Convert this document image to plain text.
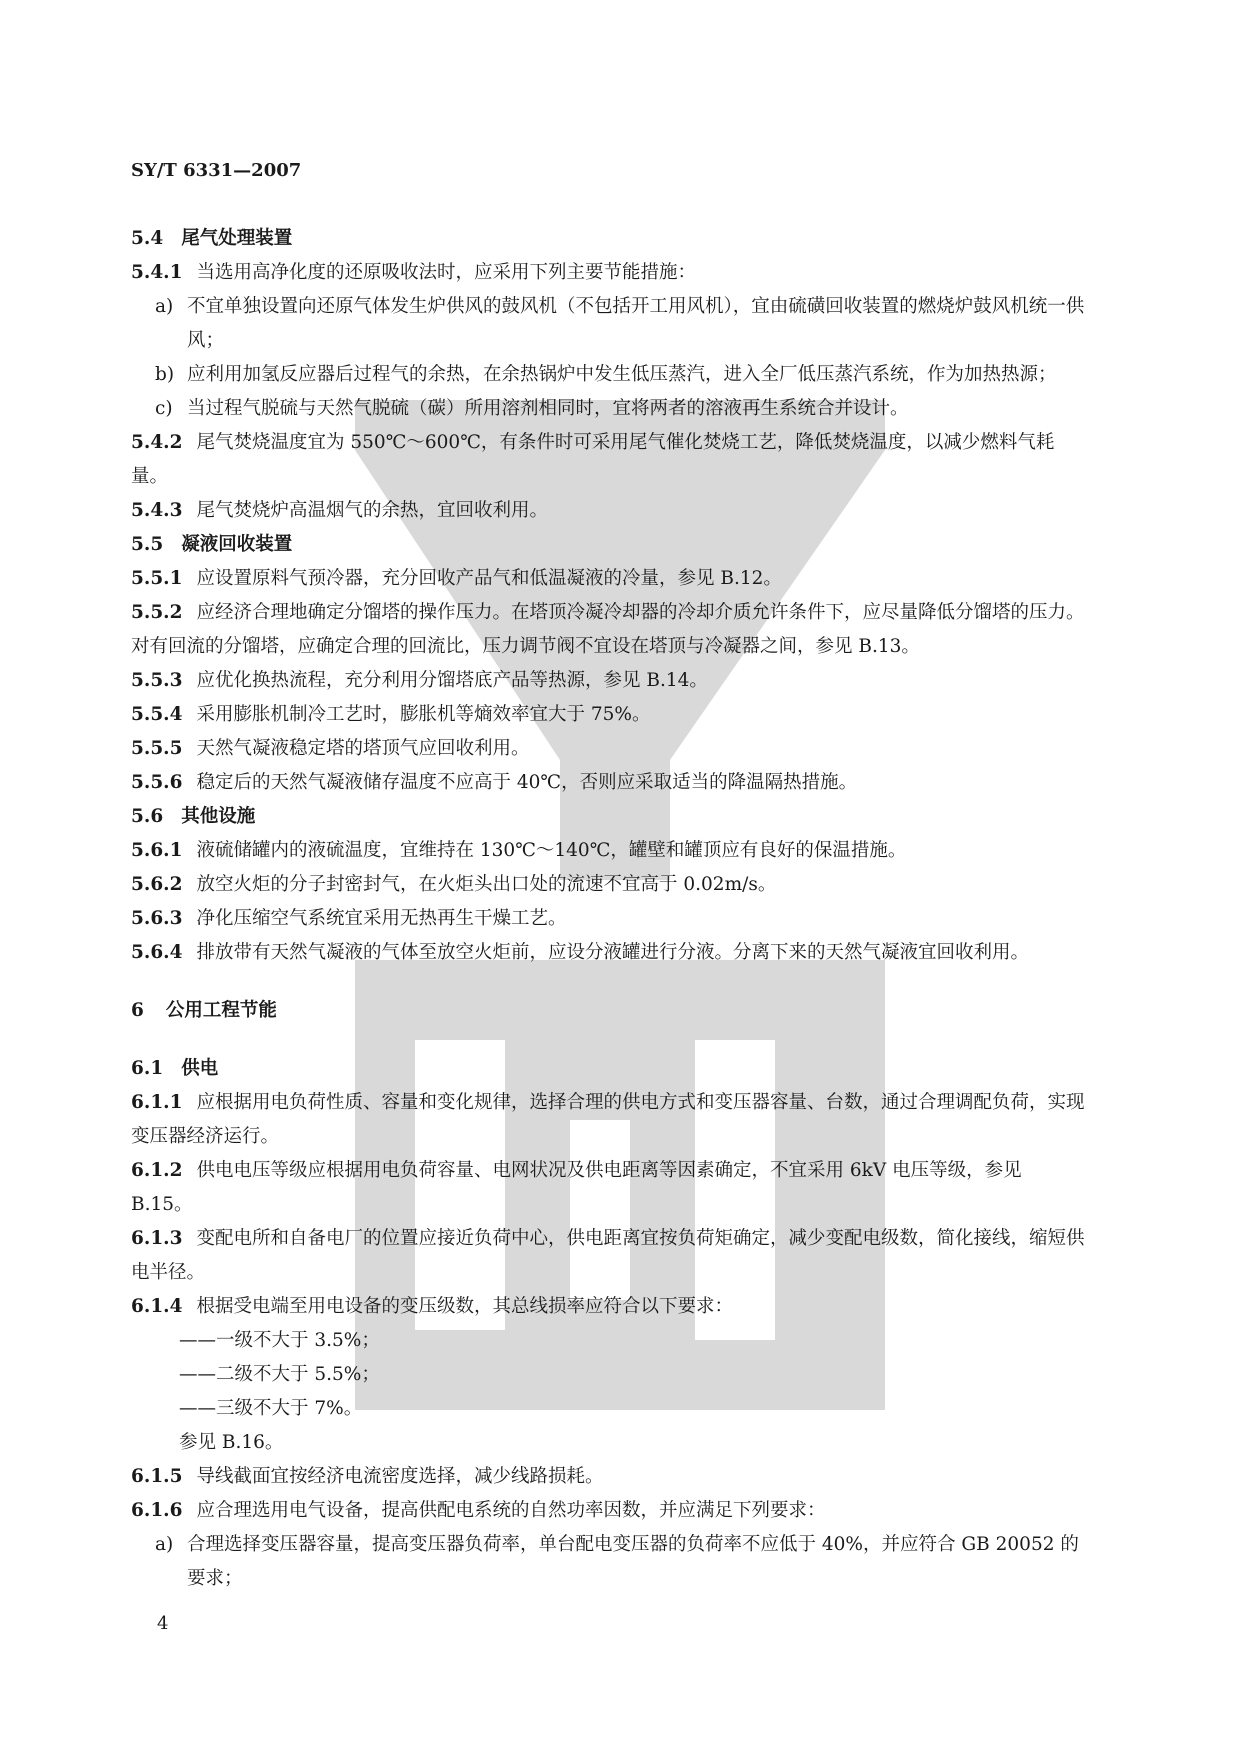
SY/T 6331—2007

5.4 尾气处理装置

5.4.1 当选用高净化度的还原吸收法时，应采用下列主要节能措施：

a) 不宜单独设置向还原气体发生炉供风的鼓风机（不包括开工用风机），宜由硫磺回收装置的燃烧炉鼓风机统一供风；

b) 应利用加氢反应器后过程气的余热，在余热锅炉中发生低压蒸汽，进入全厂低压蒸汽系统，作为加热热源；

c) 当过程气脱硫与天然气脱硫（碳）所用溶剂相同时，宜将两者的溶液再生系统合并设计。

5.4.2 尾气焚烧温度宜为 550℃～600℃，有条件时可采用尾气催化焚烧工艺，降低焚烧温度，以减少燃料气耗量。

5.4.3 尾气焚烧炉高温烟气的余热，宜回收利用。

5.5 凝液回收装置

5.5.1 应设置原料气预冷器，充分回收产品气和低温凝液的冷量，参见 B.12。

5.5.2 应经济合理地确定分馏塔的操作压力。在塔顶冷凝冷却器的冷却介质允许条件下，应尽量降低分馏塔的压力。对有回流的分馏塔，应确定合理的回流比，压力调节阀不宜设在塔顶与冷凝器之间，参见 B.13。

5.5.3 应优化换热流程，充分利用分馏塔底产品等热源，参见 B.14。

5.5.4 采用膨胀机制冷工艺时，膨胀机等熵效率宜大于 75%。

5.5.5 天然气凝液稳定塔的塔顶气应回收利用。

5.5.6 稳定后的天然气凝液储存温度不应高于 40℃，否则应采取适当的降温隔热措施。

5.6 其他设施

5.6.1 液硫储罐内的液硫温度，宜维持在 130℃～140℃，罐壁和罐顶应有良好的保温措施。

5.6.2 放空火炬的分子封密封气，在火炬头出口处的流速不宜高于 0.02m/s。

5.6.3 净化压缩空气系统宜采用无热再生干燥工艺。

5.6.4 排放带有天然气凝液的气体至放空火炬前，应设分液罐进行分液。分离下来的天然气凝液宜回收利用。

6 公用工程节能

6.1 供电

6.1.1 应根据用电负荷性质、容量和变化规律，选择合理的供电方式和变压器容量、台数，通过合理调配负荷，实现变压器经济运行。

6.1.2 供电电压等级应根据用电负荷容量、电网状况及供电距离等因素确定，不宜采用 6kV 电压等级，参见 B.15。

6.1.3 变配电所和自备电厂的位置应接近负荷中心，供电距离宜按负荷矩确定，减少变配电级数，简化接线，缩短供电半径。

6.1.4 根据受电端至用电设备的变压级数，其总线损率应符合以下要求：

——一级不大于 3.5%；

——二级不大于 5.5%；

——三级不大于 7%。

参见 B.16。

6.1.5 导线截面宜按经济电流密度选择，减少线路损耗。

6.1.6 应合理选用电气设备，提高供配电系统的自然功率因数，并应满足下列要求：

a) 合理选择变压器容量，提高变压器负荷率，单台配电变压器的负荷率不应低于 40%，并应符合 GB 20052 的要求；

4
